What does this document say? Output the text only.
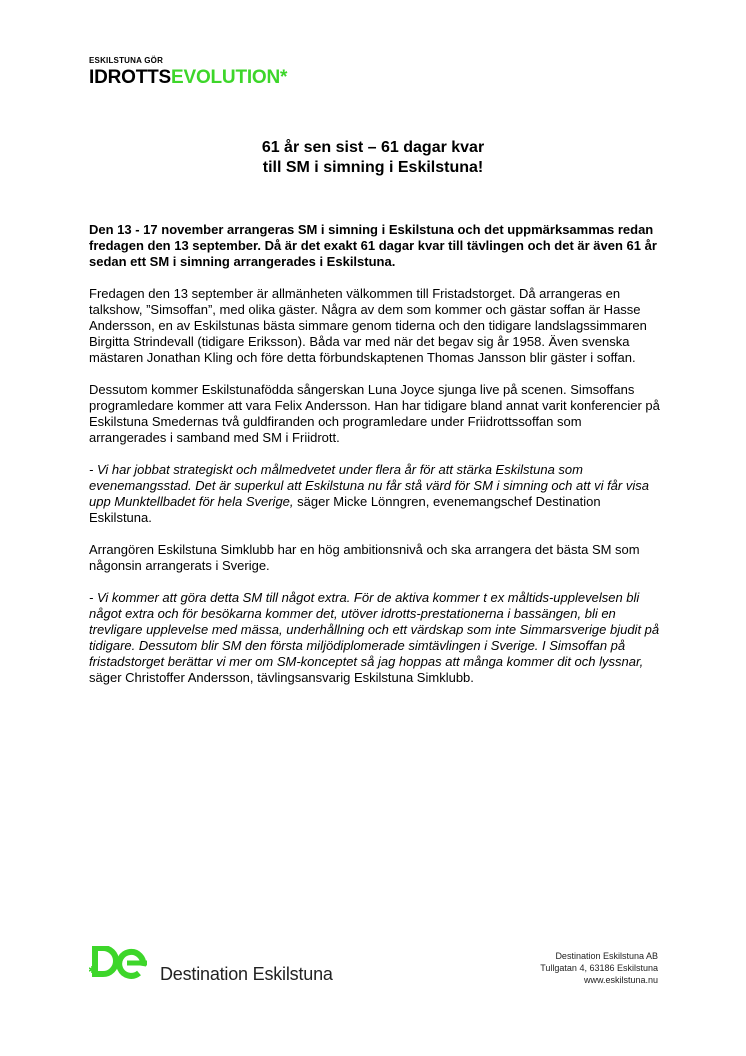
ESKILSTUNA GÖR
IDROTTSEVOLUTION*
61 år sen sist – 61 dagar kvar
till SM i simning i Eskilstuna!

Den 13 - 17 november arrangeras SM i simning i Eskilstuna och det uppmärksammas redan fredagen den 13 september. Då är det exakt 61 dagar kvar till tävlingen och det är även 61 år sedan ett SM i simning arrangerades i Eskilstuna.

Fredagen den 13 september är allmänheten välkommen till Fristadstorget. Då arrangeras en talkshow, ”Simsoffan”, med olika gäster. Några av dem som kommer och gästar soffan är Hasse Andersson, en av Eskilstunas bästa simmare genom tiderna och den tidigare landslagssimmaren Birgitta Strindevall (tidigare Eriksson). Båda var med när det begav sig år 1958. Även svenska mästaren Jonathan Kling och före detta förbundskaptenen Thomas Jansson blir gäster i soffan.

Dessutom kommer Eskilstunafödda sångerskan Luna Joyce sjunga live på scenen. Simsoffans programledare kommer att vara Felix Andersson. Han har tidigare bland annat varit konferencier på Eskilstuna Smedernas två guldfiranden och programledare under Friidrottssoffan som arrangerades i samband med SM i Friidrott.

- Vi har jobbat strategiskt och målmedvetet under flera år för att stärka Eskilstuna som evenemangsstad. Det är superkul att Eskilstuna nu får stå värd för SM i simning och att vi får visa upp Munktellbadet för hela Sverige, säger Micke Lönngren, evenemangschef Destination Eskilstuna.

Arrangören Eskilstuna Simklubb har en hög ambitionsnivå och ska arrangera det bästa SM som någonsin arrangerats i Sverige.

- Vi kommer att göra detta SM till något extra. För de aktiva kommer t ex måltids-upplevelsen bli något extra och för besökarna kommer det, utöver idrotts-prestationerna i bassängen, bli en trevligare upplevelse med mässa, underhållning och ett värdskap som inte Simmarsverige bjudit på tidigare. Dessutom blir SM den första miljödiplomerade simtävlingen i Sverige. I Simsoffan på fristadstorget berättar vi mer om SM-konceptet så jag hoppas att många kommer dit och lyssnar, säger Christoffer Andersson, tävlingsansvarig Eskilstuna Simklubb.

Destination Eskilstuna
Destination Eskilstuna AB
Tullgatan 4, 63186 Eskilstuna
www.eskilstuna.nu
